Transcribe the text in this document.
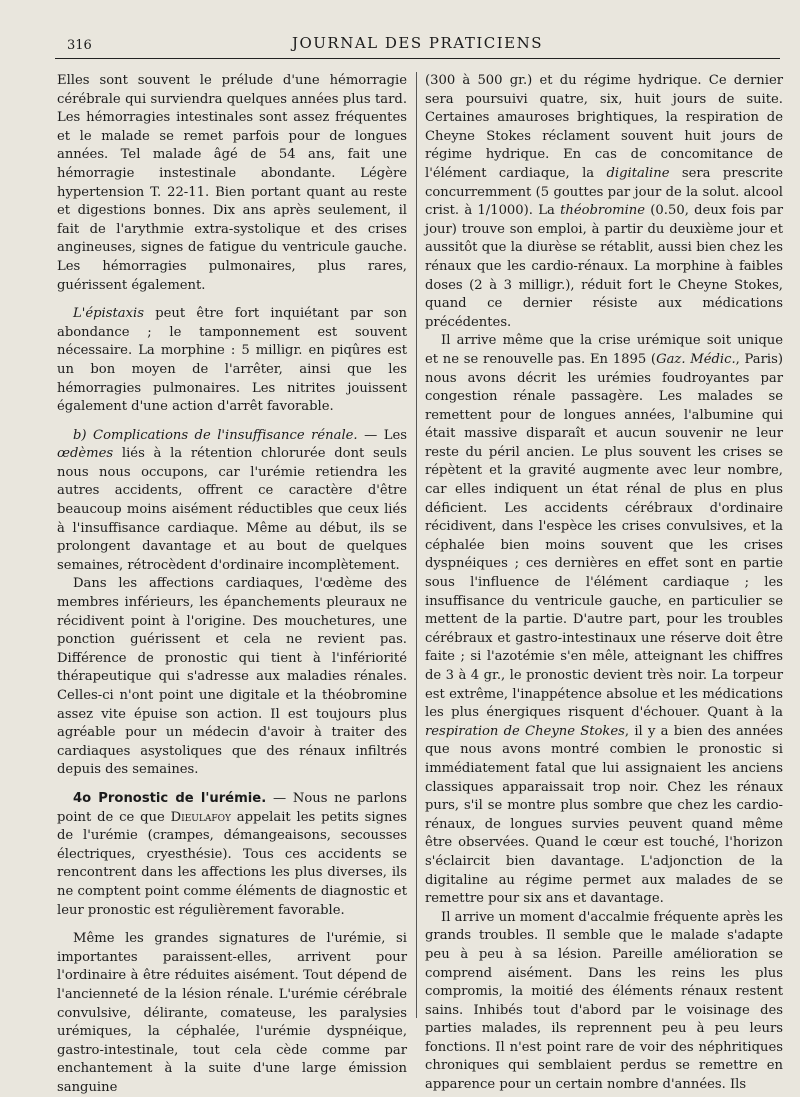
316	JOURNAL DES PRATICIENS

Elles sont souvent le prélude d'une hémorragie cérébrale qui surviendra quelques années plus tard. Les hémorragies intestinales sont assez fréquentes et le malade se remet parfois pour de longues années. Tel malade âgé de 54 ans, fait une hémorragie instestinale abondante. Légère hypertension T. 22-11. Bien portant quant au reste et digestions bonnes. Dix ans après seulement, il fait de l'arythmie extra-systolique et des crises angineuses, signes de fatigue du ventricule gauche. Les hémorragies pulmonaires, plus rares, guérissent également.

L'épistaxis peut être fort inquiétant par son abondance ; le tamponnement est souvent nécessaire. La morphine : 5 milligr. en piqûres est un bon moyen de l'arrêter, ainsi que les hémorragies pulmonaires. Les nitrites jouissent également d'une action d'arrêt favorable.

b) Complications de l'insuffisance rénale. — Les œdèmes liés à la rétention chlorurée dont seuls nous nous occupons, car l'urémie retiendra les autres accidents, offrent ce caractère d'être beaucoup moins aisément réductibles que ceux liés à l'insuffisance cardiaque. Même au début, ils se prolongent davantage et au bout de quelques semaines, rétrocèdent d'ordinaire incomplètement.

Dans les affections cardiaques, l'œdème des membres inférieurs, les épanchements pleuraux ne récidivent point à l'origine. Des mouchetures, une ponction guérissent et cela ne revient pas. Différence de pronostic qui tient à l'infériorité thérapeutique qui s'adresse aux maladies rénales. Celles-ci n'ont point une digitale et la théobromine assez vite épuise son action. Il est toujours plus agréable pour un médecin d'avoir à traiter des cardiaques asystoliques que des rénaux infiltrés depuis des semaines.

4o Pronostic de l'urémie. — Nous ne parlons point de ce que Dieulafoy appelait les petits signes de l'urémie (crampes, démangeaisons, secousses électriques, cryesthésie). Tous ces accidents se rencontrent dans les affections les plus diverses, ils ne comptent point comme éléments de diagnostic et leur pronostic est régulièrement favorable.

Même les grandes signatures de l'urémie, si importantes paraissent-elles, arrivent pour l'ordinaire à être réduites aisément. Tout dépend de l'ancienneté de la lésion rénale. L'urémie cérébrale convulsive, délirante, comateuse, les paralysies urémiques, la céphalée, l'urémie dyspnéique, gastro-intestinale, tout cela cède comme par enchantement à la suite d'une large émission sanguine

(300 à 500 gr.) et du régime hydrique. Ce dernier sera poursuivi quatre, six, huit jours de suite. Certaines amauroses brightiques, la respiration de Cheyne Stokes réclament souvent huit jours de régime hydrique. En cas de concomitance de l'élément cardiaque, la digitaline sera prescrite concurremment (5 gouttes par jour de la solut. alcool crist. à 1/1000). La théobromine (0.50, deux fois par jour) trouve son emploi, à partir du deuxième jour et aussitôt que la diurèse se rétablit, aussi bien chez les rénaux que les cardio-rénaux. La morphine à faibles doses (2 à 3 milligr.), réduit fort le Cheyne Stokes, quand ce dernier résiste aux médications précédentes.

Il arrive même que la crise urémique soit unique et ne se renouvelle pas. En 1895 (Gaz. Médic., Paris) nous avons décrit les urémies foudroyantes par congestion rénale passagère. Les malades se remettent pour de longues années, l'albumine qui était massive disparaît et aucun souvenir ne leur reste du péril ancien. Le plus souvent les crises se répètent et la gravité augmente avec leur nombre, car elles indiquent un état rénal de plus en plus déficient. Les accidents cérébraux d'ordinaire récidivent, dans l'espèce les crises convulsives, et la céphalée bien moins souvent que les crises dyspnéiques ; ces dernières en effet sont en partie sous l'influence de l'élément cardiaque ; les insuffisance du ventricule gauche, en particulier se mettent de la partie. D'autre part, pour les troubles cérébraux et gastro-intestinaux une réserve doit être faite ; si l'azotémie s'en mêle, atteignant les chiffres de 3 à 4 gr., le pronostic devient très noir. La torpeur est extrême, l'inappétence absolue et les médications les plus énergiques risquent d'échouer. Quant à la respiration de Cheyne Stokes, il y a bien des années que nous avons montré combien le pronostic si immédiatement fatal que lui assignaient les anciens classiques apparaissait trop noir. Chez les rénaux purs, s'il se montre plus sombre que chez les cardio-rénaux, de longues survies peuvent quand même être observées. Quand le cœur est touché, l'horizon s'éclaircit bien davantage. L'adjonction de la digitaline au régime permet aux malades de se remettre pour six ans et davantage.

Il arrive un moment d'accalmie fréquente après les grands troubles. Il semble que le malade s'adapte peu à peu à sa lésion. Pareille amélioration se comprend aisément. Dans les reins les plus compromis, la moitié des éléments rénaux restent sains. Inhibés tout d'abord par le voisinage des parties malades, ils reprennent peu à peu leurs fonctions. Il n'est point rare de voir des néphritiques chroniques qui semblaient perdus se remettre en apparence pour un certain nombre d'années. Ils
